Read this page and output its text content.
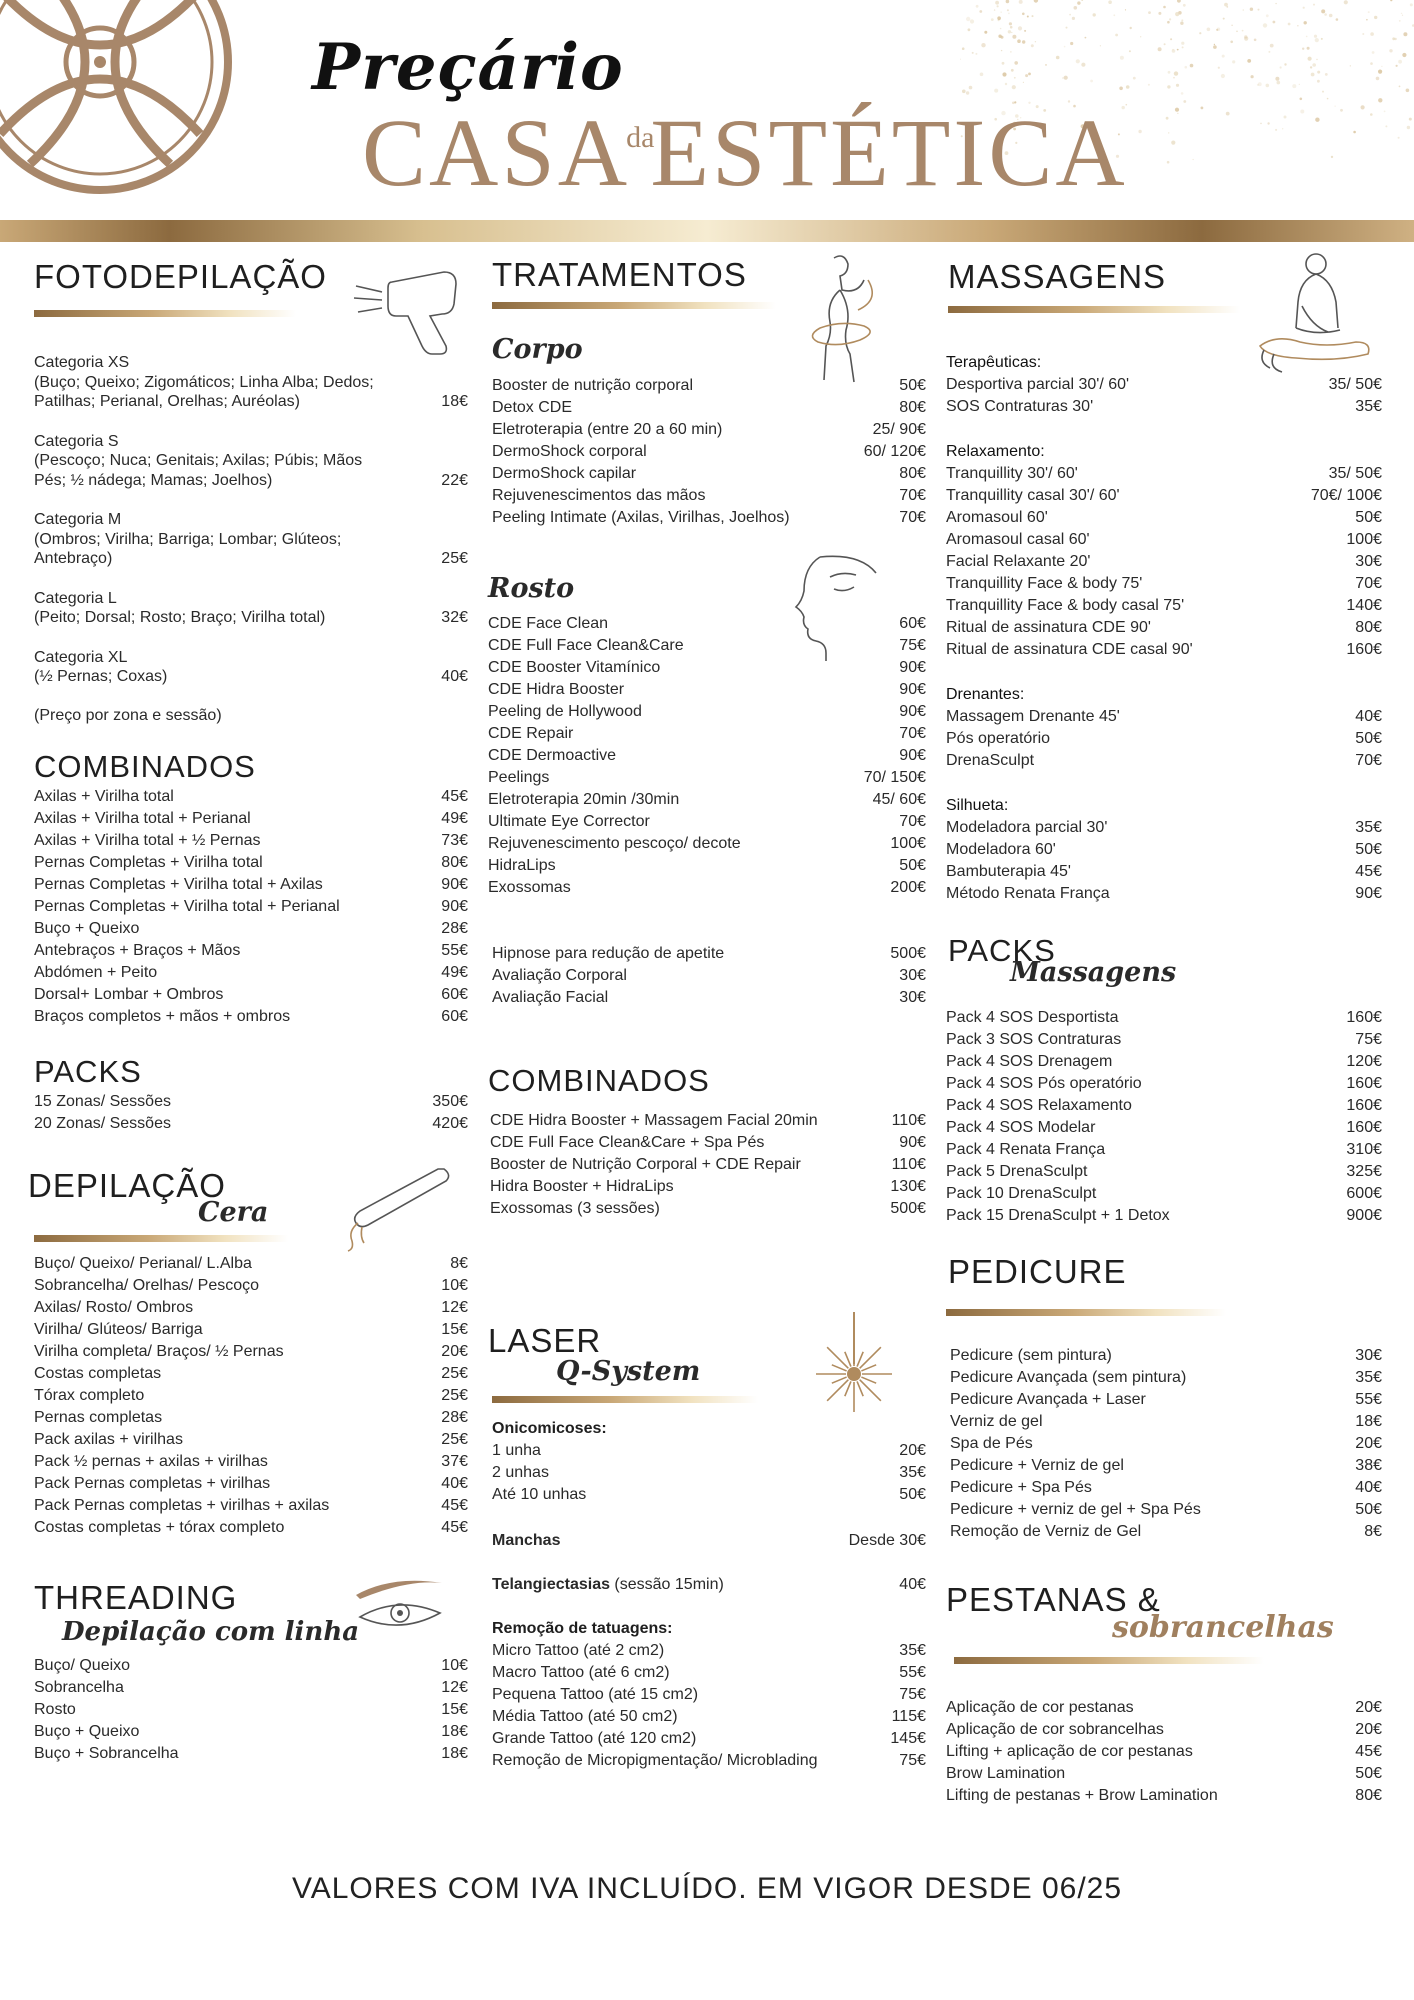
Preçário
$CASA^{da}ESTÉTICA$
FOTODEPILAÇÃO
Categoria XS
(Buço; Queixo; Zigomáticos; Linha Alba; Dedos;
Patilhas; Perianal, Orelhas; Auréolas)	18€
Categoria S
(Pescoço; Nuca; Genitais; Axilas; Púbis; Mãos
Pés; ½ nádega; Mamas; Joelhos)	22€
Categoria M
(Ombros; Virilha; Barriga; Lombar; Glúteos;
Antebraço)	25€
Categoria L
(Peito; Dorsal; Rosto; Braço; Virilha total)	32€
Categoria XL
(½ Pernas; Coxas)	40€
(Preço por zona e sessão)
COMBINADOS
Axilas + Virilha total	45€
Axilas + Virilha total + Perianal	49€
Axilas + Virilha total + ½ Pernas	73€
Pernas Completas + Virilha total	80€
Pernas Completas + Virilha total + Axilas	90€
Pernas Completas + Virilha total + Perianal	90€
Buço + Queixo	28€
Antebraços + Braços + Mãos	55€
Abdómen + Peito	49€
Dorsal+ Lombar + Ombros	60€
Braços completos + mãos + ombros	60€
PACKS
15 Zonas/ Sessões	350€
20 Zonas/ Sessões	420€
DEPILAÇÃO
Cera
Buço/ Queixo/ Perianal/ L.Alba	8€
Sobrancelha/ Orelhas/ Pescoço	10€
Axilas/ Rosto/ Ombros	12€
Virilha/ Glúteos/ Barriga	15€
Virilha completa/ Braços/ ½ Pernas	20€
Costas completas	25€
Tórax completo	25€
Pernas completas	28€
Pack axilas + virilhas	25€
Pack ½ pernas + axilas + virilhas	37€
Pack Pernas completas + virilhas	40€
Pack Pernas completas + virilhas + axilas	45€
Costas completas + tórax completo	45€
THREADING
Depilação com linha
Buço/ Queixo	10€
Sobrancelha	12€
Rosto	15€
Buço + Queixo	18€
Buço + Sobrancelha	18€
TRATAMENTOS
Corpo
Booster de nutrição corporal	50€
Detox CDE	80€
Eletroterapia (entre 20 a 60 min)	25/ 90€
DermoShock corporal	60/ 120€
DermoShock capilar	80€
Rejuvenescimentos das mãos	70€
Peeling Intimate (Axilas, Virilhas, Joelhos)	70€
Rosto
CDE Face Clean	60€
CDE Full Face Clean&Care	75€
CDE Booster Vitamínico	90€
CDE Hidra Booster	90€
Peeling de Hollywood	90€
CDE Repair	70€
CDE Dermoactive	90€
Peelings	70/ 150€
Eletroterapia 20min /30min	45/ 60€
Ultimate Eye Corrector	70€
Rejuvenescimento pescoço/ decote	100€
HidraLips	50€
Exossomas	200€
Hipnose para redução de apetite	500€
Avaliação Corporal	30€
Avaliação Facial	30€
COMBINADOS
CDE Hidra Booster + Massagem Facial 20min	110€
CDE Full Face Clean&Care + Spa Pés	90€
Booster de Nutrição Corporal + CDE Repair	110€
Hidra Booster + HidraLips	130€
Exossomas (3 sessões)	500€
LASER
Q-System
Onicomicoses:
1 unha	20€
2 unhas	35€
Até 10 unhas	50€
Manchas	Desde 30€
Telangiectasias (sessão 15min)	40€
Remoção de tatuagens:
Micro Tattoo (até 2 cm2)	35€
Macro Tattoo (até 6 cm2)	55€
Pequena Tattoo (até 15 cm2)	75€
Média Tattoo (até 50 cm2)	115€
Grande Tattoo (até 120 cm2)	145€
Remoção de Micropigmentação/ Microblading	75€
MASSAGENS
Terapêuticas:
Desportiva parcial 30'/ 60'	35/ 50€
SOS Contraturas 30'	35€
Relaxamento:
Tranquillity 30'/ 60'	35/ 50€
Tranquillity casal 30'/ 60'	70€/ 100€
Aromasoul 60'	50€
Aromasoul casal 60'	100€
Facial Relaxante 20'	30€
Tranquillity Face & body 75'	70€
Tranquillity Face & body casal 75'	140€
Ritual de assinatura CDE 90'	80€
Ritual de assinatura CDE casal 90'	160€
Drenantes:
Massagem Drenante 45'	40€
Pós operatório	50€
DrenaSculpt	70€
Silhueta:
Modeladora parcial 30'	35€
Modeladora 60'	50€
Bambuterapia 45'	45€
Método Renata França	90€
PACKS
Massagens
Pack 4 SOS Desportista	160€
Pack 3 SOS Contraturas	75€
Pack 4 SOS Drenagem	120€
Pack 4 SOS Pós operatório	160€
Pack 4 SOS Relaxamento	160€
Pack 4 SOS Modelar	160€
Pack 4 Renata França	310€
Pack 5 DrenaSculpt	325€
Pack 10 DrenaSculpt	600€
Pack 15 DrenaSculpt + 1 Detox	900€
PEDICURE
Pedicure (sem pintura)	30€
Pedicure Avançada (sem pintura)	35€
Pedicure Avançada + Laser	55€
Verniz de gel	18€
Spa de Pés	20€
Pedicure + Verniz de gel	38€
Pedicure + Spa Pés	40€
Pedicure + verniz de gel + Spa Pés	50€
Remoção de Verniz de Gel	8€
PESTANAS &
sobrancelhas
Aplicação de cor pestanas	20€
Aplicação de cor sobrancelhas	20€
Lifting + aplicação de cor pestanas	45€
Brow Lamination	50€
Lifting de pestanas + Brow Lamination	80€
VALORES COM IVA INCLUÍDO. EM VIGOR DESDE 06/25
